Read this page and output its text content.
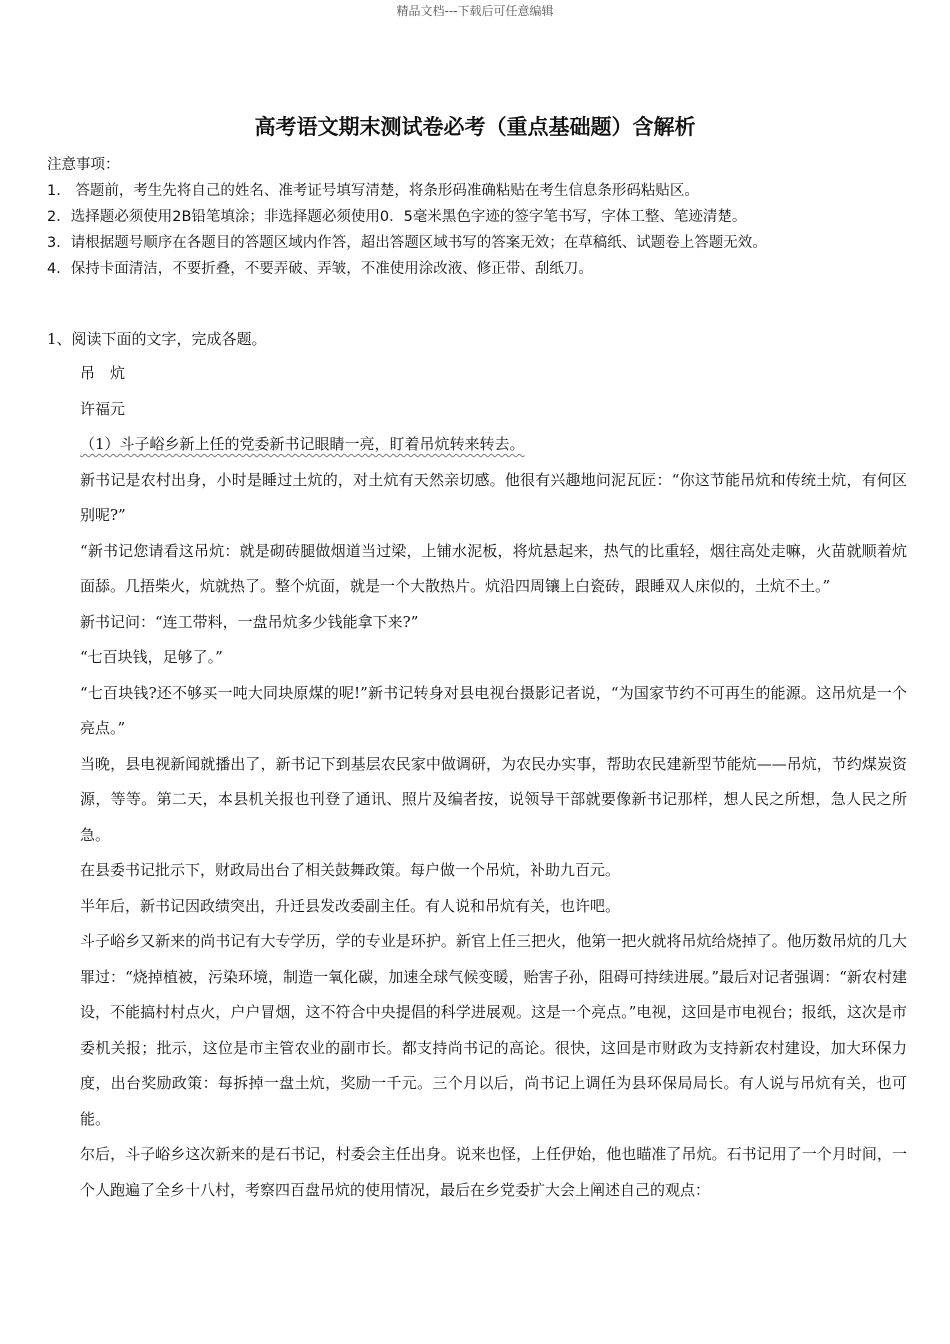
精品文档---下载后可任意编辑
高考语文期末测试卷必考（重点基础题）含解析
注意事项：
1.　答题前，考生先将自己的姓名、准考证号填写清楚，将条形码准确粘贴在考生信息条形码粘贴区。
2．选择题必须使用2B铅笔填涂；非选择题必须使用0．5毫米黑色字迹的签字笔书写，字体工整、笔迹清楚。
3．请根据题号顺序在各题目的答题区域内作答，超出答题区域书写的答案无效；在草稿纸、试题卷上答题无效。
4．保持卡面清洁，不要折叠，不要弄破、弄皱，不准使用涂改液、修正带、刮纸刀。

1、阅读下面的文字，完成各题。

吊　炕

许福元

（1）斗子峪乡新上任的党委新书记眼睛一亮，盯着吊炕转来转去。

新书记是农村出身，小时是睡过土炕的，对土炕有天然亲切感。他很有兴趣地问泥瓦匠：“你这节能吊炕和传统土炕，有何区别呢?”

“新书记您请看这吊炕：就是砌砖腿做烟道当过梁，上铺水泥板，将炕悬起来，热气的比重轻，烟往高处走嘛，火苗就顺着炕面舔。几捂柴火，炕就热了。整个炕面，就是一个大散热片。炕沿四周镶上白瓷砖，跟睡双人床似的，土炕不土。”

新书记问：“连工带料，一盘吊炕多少钱能拿下来?”

“七百块钱，足够了。”

“七百块钱?还不够买一吨大同块原煤的呢!”新书记转身对县电视台摄影记者说，“为国家节约不可再生的能源。这吊炕是一个亮点。”

当晚，县电视新闻就播出了，新书记下到基层农民家中做调研，为农民办实事，帮助农民建新型节能炕——吊炕，节约煤炭资源，等等。第二天，本县机关报也刊登了通讯、照片及编者按，说领导干部就要像新书记那样，想人民之所想，急人民之所急。

在县委书记批示下，财政局出台了相关鼓舞政策。每户做一个吊炕，补助九百元。

半年后，新书记因政绩突出，升迁县发改委副主任。有人说和吊炕有关，也许吧。

斗子峪乡又新来的尚书记有大专学历，学的专业是环护。新官上任三把火，他第一把火就将吊炕给烧掉了。他历数吊炕的几大罪过：“烧掉植被，污染环境，制造一氧化碳，加速全球气候变暖，贻害子孙，阻碍可持续进展。”最后对记者强调：“新农村建设，不能搞村村点火，户户冒烟，这不符合中央提倡的科学进展观。这是一个亮点。”电视，这回是市电视台；报纸，这次是市委机关报；批示，这位是市主管农业的副市长。都支持尚书记的高论。很快，这回是市财政为支持新农村建设，加大环保力度，出台奖励政策：每拆掉一盘土炕，奖励一千元。三个月以后，尚书记上调任为县环保局局长。有人说与吊炕有关，也可能。

尔后，斗子峪乡这次新来的是石书记，村委会主任出身。说来也怪，上任伊始，他也瞄准了吊炕。石书记用了一个月时间，一个人跑遍了全乡十八村，考察四百盘吊炕的使用情况，最后在乡党委扩大会上阐述自己的观点：
